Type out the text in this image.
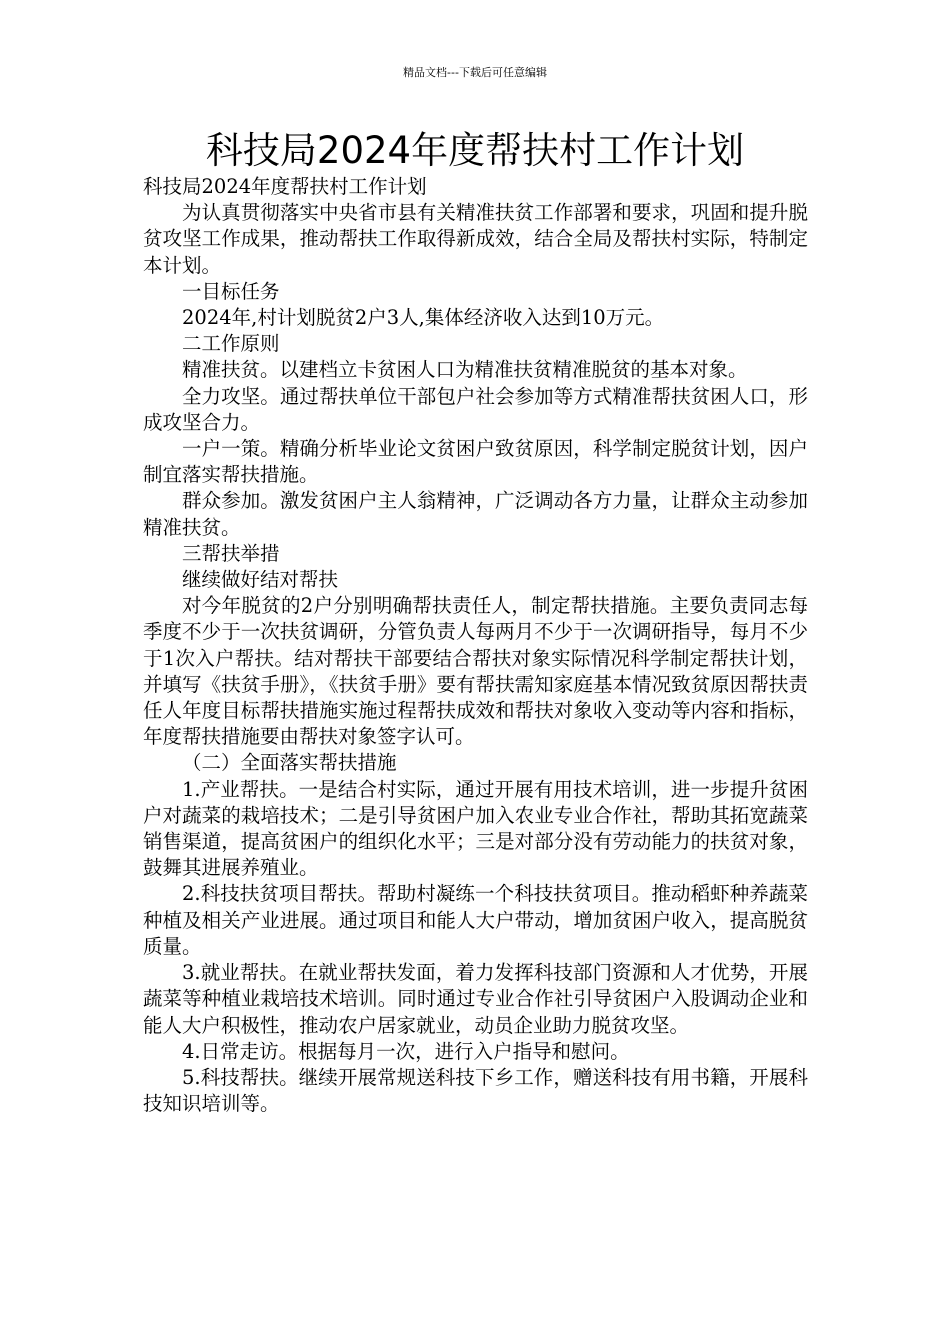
精品文档---下载后可任意编辑
科技局2024年度帮扶村工作计划

科技局2024年度帮扶村工作计划

为认真贯彻落实中央省市县有关精准扶贫工作部署和要求，巩固和提升脱贫攻坚工作成果，推动帮扶工作取得新成效，结合全局及帮扶村实际，特制定本计划。

一目标任务

2024年,村计划脱贫2户3人,集体经济收入达到10万元。

二工作原则

精准扶贫。以建档立卡贫困人口为精准扶贫精准脱贫的基本对象。

全力攻坚。通过帮扶单位干部包户社会参加等方式精准帮扶贫困人口，形成攻坚合力。

一户一策。精确分析毕业论文贫困户致贫原因，科学制定脱贫计划，因户制宜落实帮扶措施。

群众参加。激发贫困户主人翁精神，广泛调动各方力量，让群众主动参加精准扶贫。

三帮扶举措

继续做好结对帮扶

对今年脱贫的2户分别明确帮扶责任人，制定帮扶措施。主要负责同志每季度不少于一次扶贫调研，分管负责人每两月不少于一次调研指导，每月不少于1次入户帮扶。结对帮扶干部要结合帮扶对象实际情况科学制定帮扶计划，并填写《扶贫手册》，《扶贫手册》要有帮扶需知家庭基本情况致贫原因帮扶责任人年度目标帮扶措施实施过程帮扶成效和帮扶对象收入变动等内容和指标，年度帮扶措施要由帮扶对象签字认可。

（二）全面落实帮扶措施

1.产业帮扶。一是结合村实际，通过开展有用技术培训，进一步提升贫困户对蔬菜的栽培技术；二是引导贫困户加入农业专业合作社，帮助其拓宽蔬菜销售渠道，提高贫困户的组织化水平；三是对部分没有劳动能力的扶贫对象，鼓舞其进展养殖业。

2.科技扶贫项目帮扶。帮助村凝练一个科技扶贫项目。推动稻虾种养蔬菜种植及相关产业进展。通过项目和能人大户带动，增加贫困户收入，提高脱贫质量。

3.就业帮扶。在就业帮扶发面，着力发挥科技部门资源和人才优势，开展蔬菜等种植业栽培技术培训。同时通过专业合作社引导贫困户入股调动企业和能人大户积极性，推动农户居家就业，动员企业助力脱贫攻坚。

4.日常走访。根据每月一次，进行入户指导和慰问。

5.科技帮扶。继续开展常规送科技下乡工作，赠送科技有用书籍，开展科技知识培训等。
